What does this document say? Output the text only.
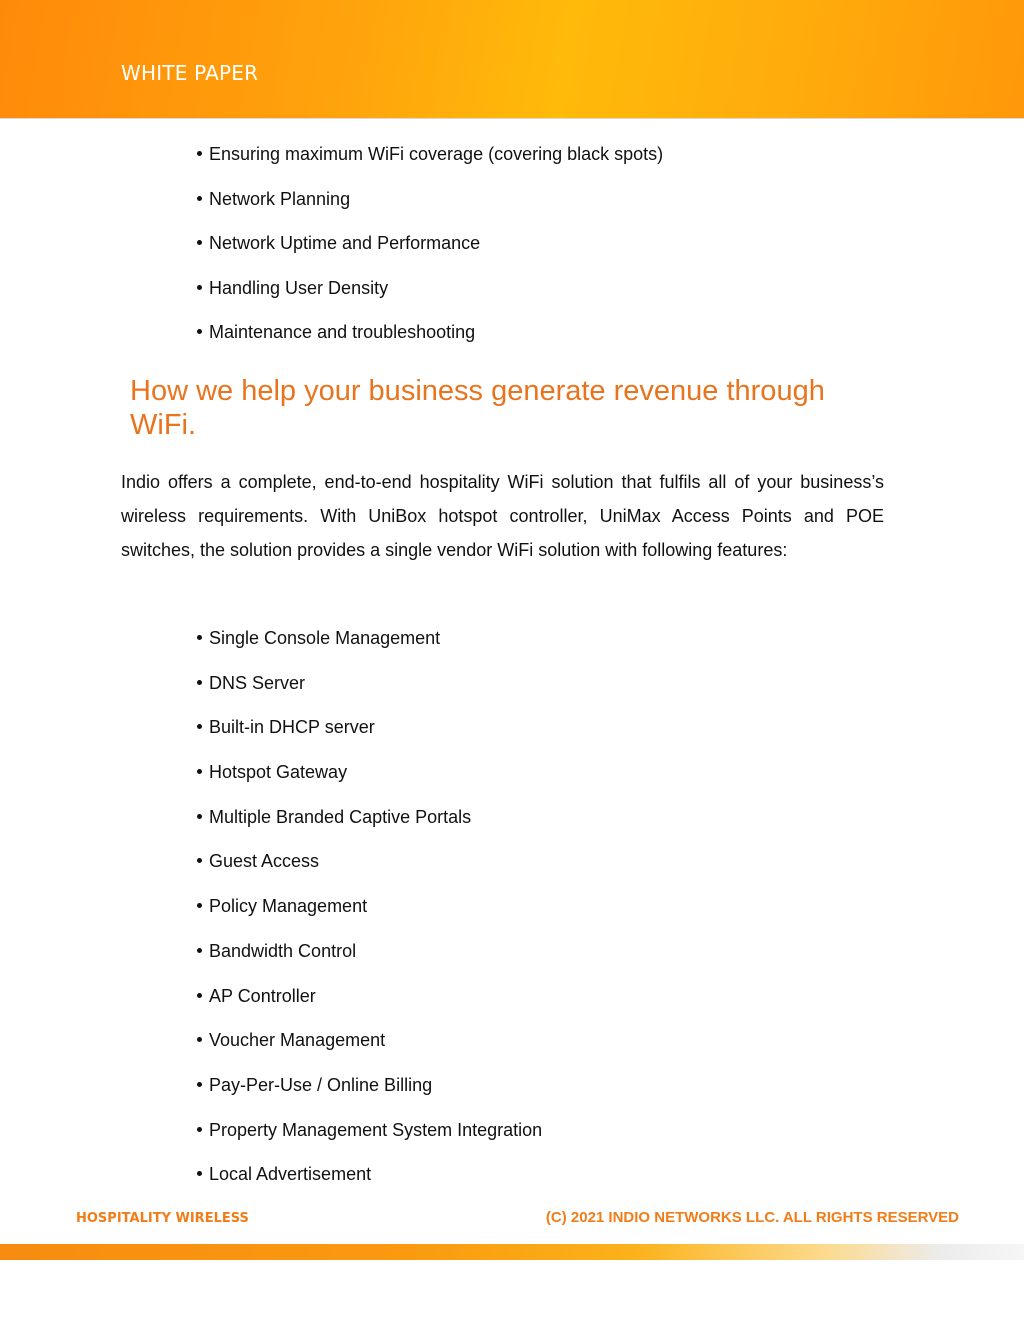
WHITE PAPER
Ensuring maximum WiFi coverage (covering black spots)
Network Planning
Network Uptime and Performance
Handling User Density
Maintenance and troubleshooting
How we help your business generate revenue through WiFi.
Indio offers a complete, end-to-end hospitality WiFi solution that fulfils all of your business’s wireless requirements. With UniBox hotspot controller, UniMax Access Points and POE switches, the solution provides a single vendor WiFi solution with following features:
Single Console Management
DNS Server
Built-in DHCP server
Hotspot Gateway
Multiple Branded Captive Portals
Guest Access
Policy Management
Bandwidth Control
AP Controller
Voucher Management
Pay-Per-Use / Online Billing
Property Management System Integration
Local Advertisement
HOSPITALITY WIRELESS	(C) 2021 INDIO NETWORKS LLC. ALL RIGHTS RESERVED
